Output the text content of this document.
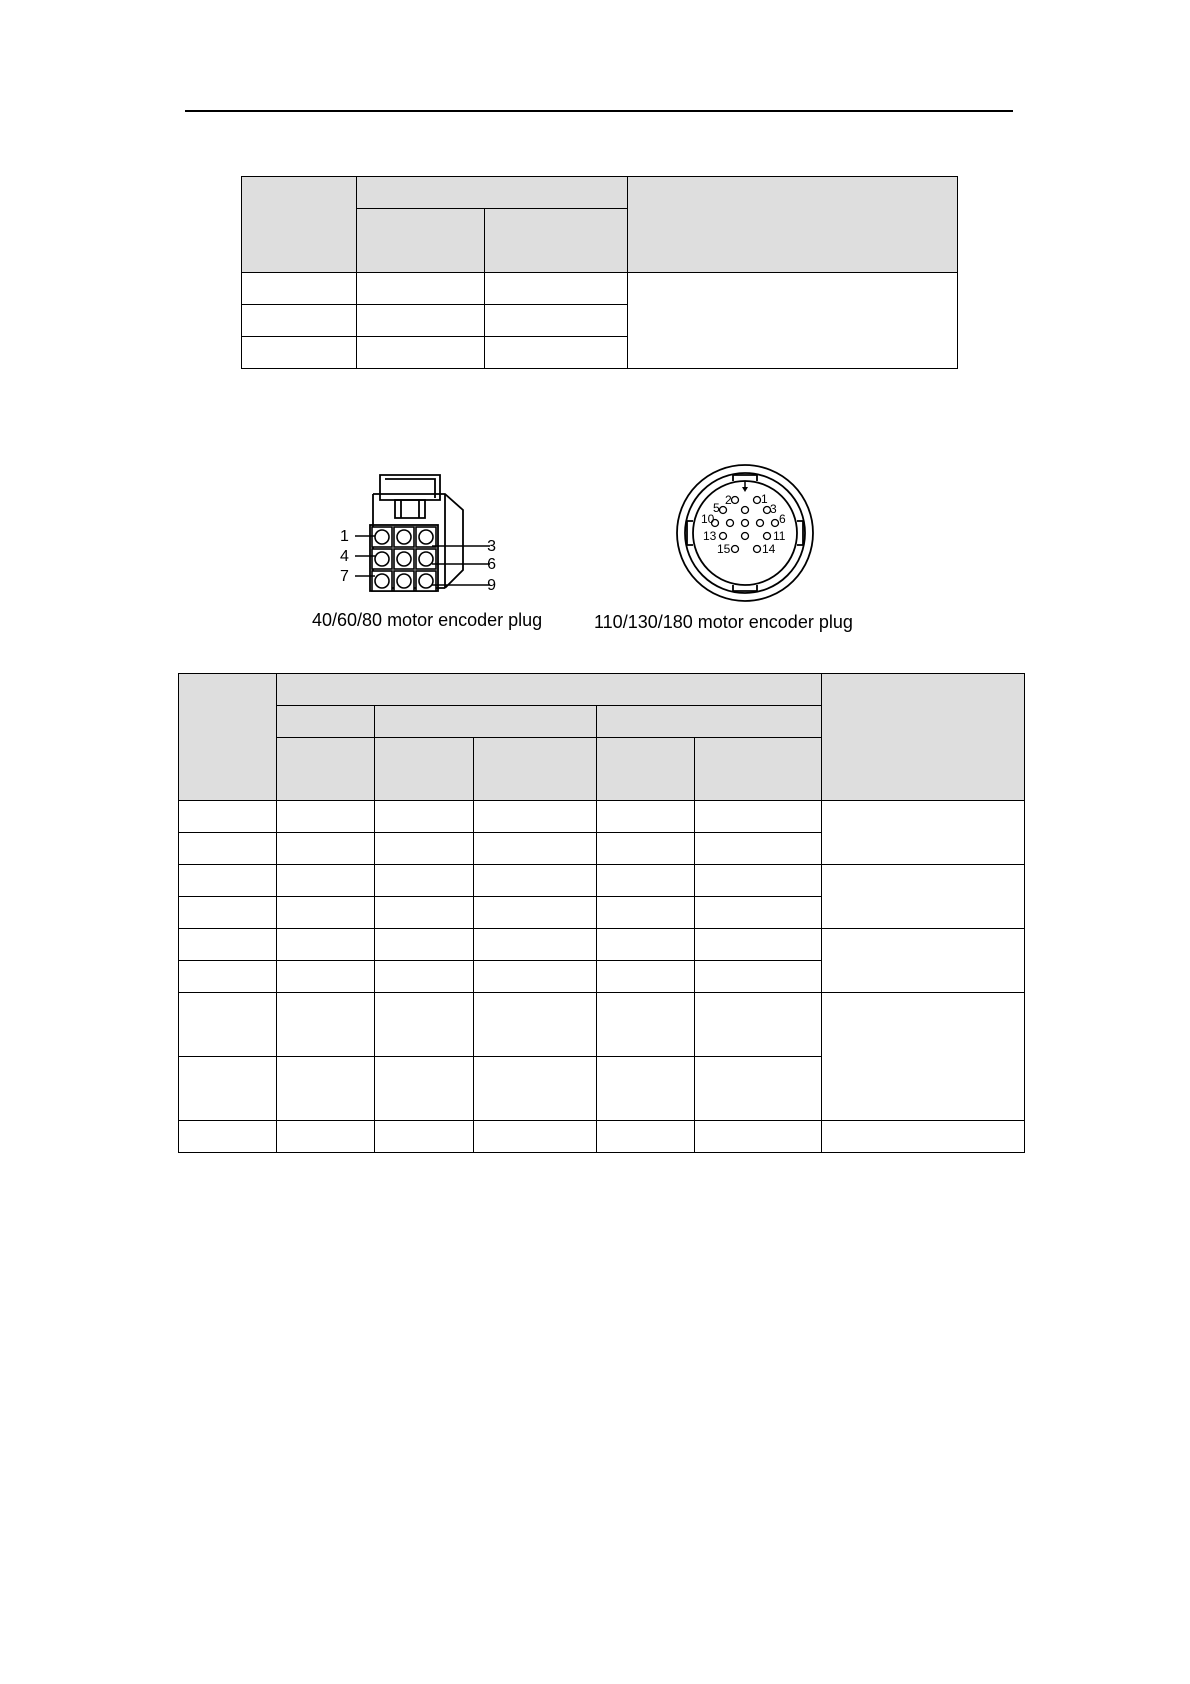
1
4
7
3
6
9
40/60/80 motor encoder plug
2 1
5	3
10	6
13	11
15	14
110/130/180 motor encoder plug
